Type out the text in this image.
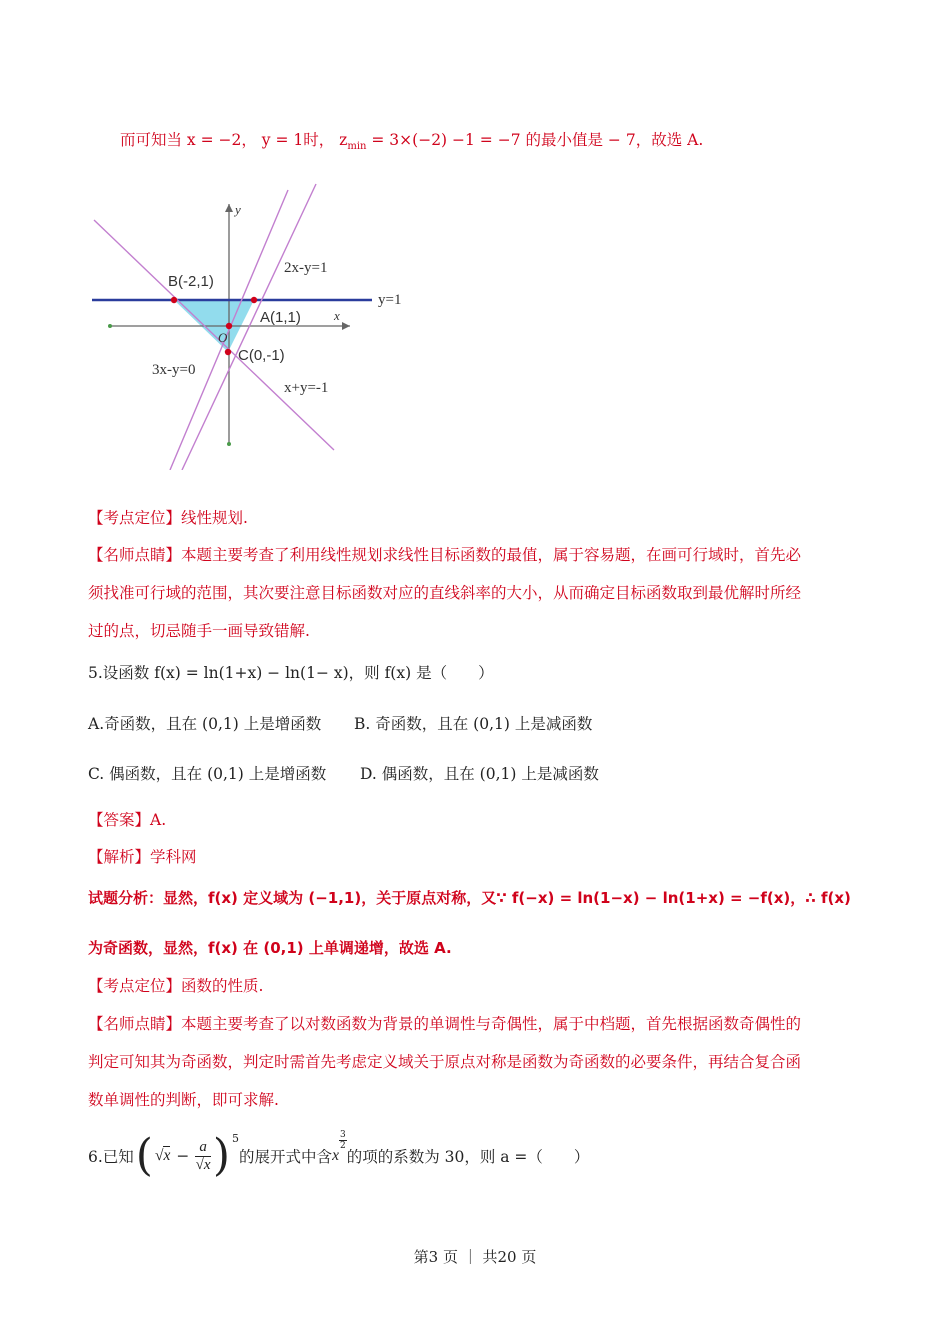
而可知当 x = −2， y = 1时， $z_{min} = 3\times(-2) -1 = -7$ 的最小值是 − 7，故选 A.
y
x
O
B(-2,1)
A(1,1)
C(0,-1)
2x-y=1
y=1
3x-y=0
x+y=-1
【考点定位】线性规划.
【名师点睛】本题主要考查了利用线性规划求线性目标函数的最值，属于容易题，在画可行域时，首先必
须找准可行域的范围，其次要注意目标函数对应的直线斜率的大小，从而确定目标函数取到最优解时所经
过的点，切忌随手一画导致错解.
5.设函数 f(x) = ln(1+x) − ln(1− x)，则 f(x) 是（　　）
A.奇函数，且在 (0,1) 上是增函数 B. 奇函数，且在 (0,1) 上是减函数
C. 偶函数，且在 (0,1) 上是增函数 D. 偶函数，且在 (0,1) 上是减函数
【答案】A.
【解析】学科网
试题分析：显然，f(x) 定义域为 (−1,1)，关于原点对称，又∵ f(−x) = ln(1−x) − ln(1+x) = −f(x)，∴ f(x)
为奇函数，显然，f(x) 在 (0,1) 上单调递增，故选 A.
【考点定位】函数的性质.
【名师点睛】本题主要考查了以对数函数为背景的单调性与奇偶性，属于中档题，首先根据函数奇偶性的
判定可知其为奇函数，判定时需首先考虑定义域关于原点对称是函数为奇函数的必要条件，再结合复合函
数单调性的判断，即可求解.
6.已知 ( $√x - \frac{a}{√x} )^5$
的展开式中含 x
$\frac{3}{2}$
的项的系数为 30，则 a =（　　）
第3 页 ｜ 共20 页
